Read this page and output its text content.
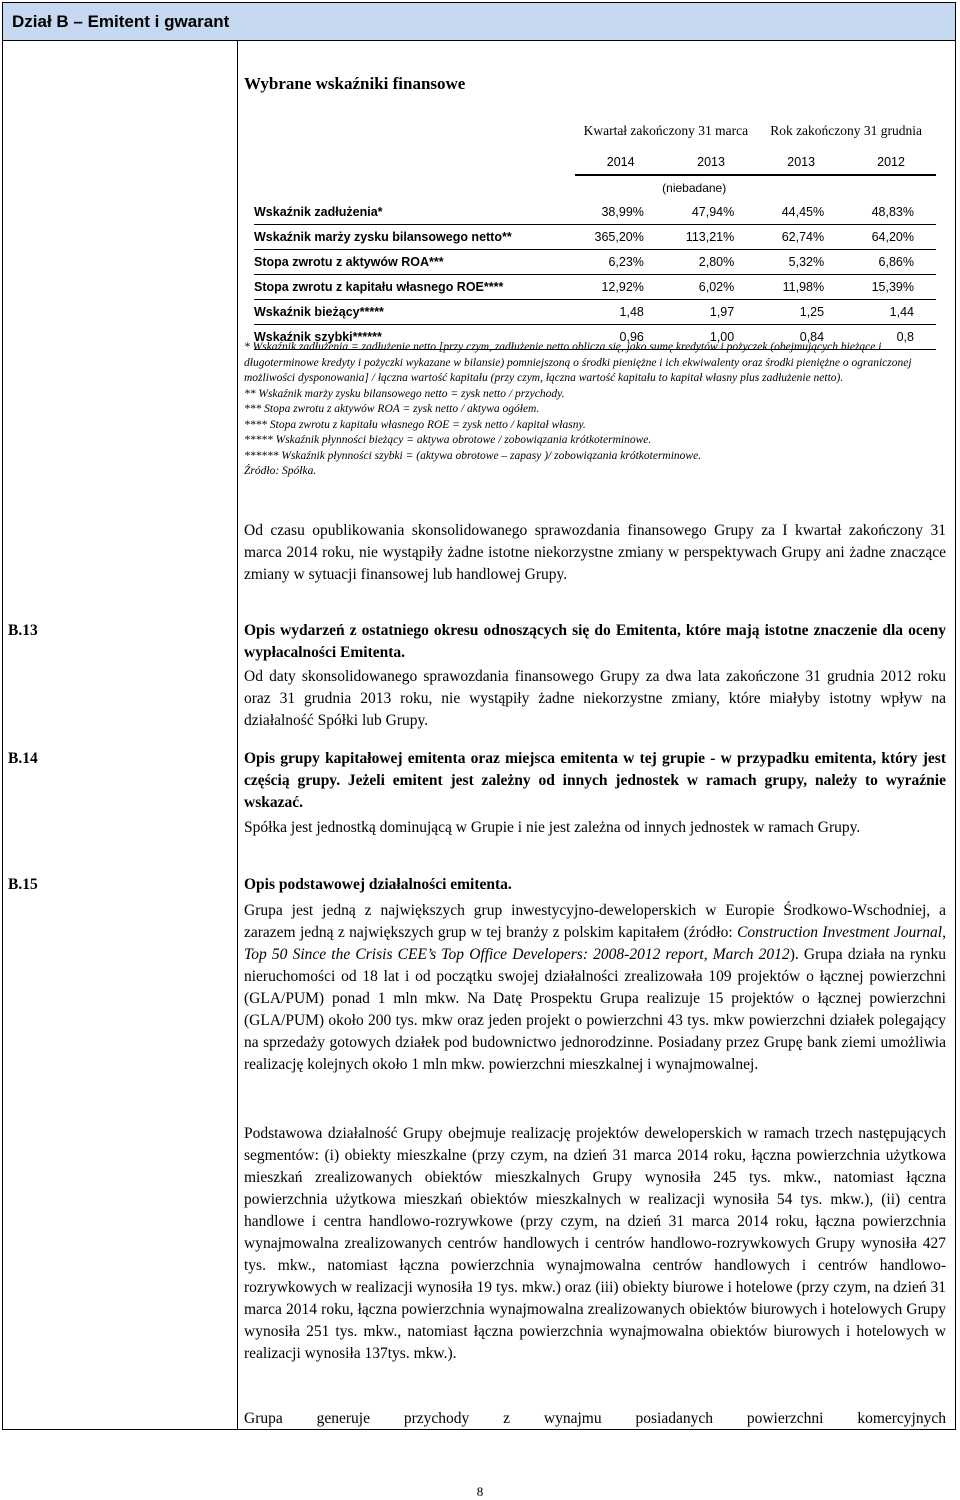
Dział B – Emitent i gwarant
Wybrane wskaźniki finansowe
	Kwartał zakończony 31 marca		Rok zakończony 31 grudnia	
	2014	2013	2013	2012
	(niebadane)			
Wskaźnik zadłużenia*	38,99%	47,94%	44,45%	48,83%
Wskaźnik marży zysku bilansowego netto**	365,20%	113,21%	62,74%	64,20%
Stopa zwrotu z aktywów ROA***	6,23%	2,80%	5,32%	6,86%
Stopa zwrotu z kapitału własnego ROE****	12,92%	6,02%	11,98%	15,39%
Wskaźnik bieżący*****	1,48	1,97	1,25	1,44
Wskaźnik szybki******	0,96	1,00	0,84	0,8
* Wskaźnik zadłużenia = zadłużenie netto [przy czym, zadłużenie netto oblicza się, jako sumę kredytów i pożyczek (obejmujących bieżące i długoterminowe kredyty i pożyczki wykazane w bilansie) pomniejszoną o środki pieniężne i ich ekwiwalenty oraz środki pieniężne o ograniczonej możliwości dysponowania] / łączna wartość kapitału (przy czym, łączna wartość kapitału to kapitał własny plus zadłużenie netto).
** Wskaźnik marży zysku bilansowego netto = zysk netto / przychody.
*** Stopa zwrotu z aktywów ROA = zysk netto / aktywa ogółem.
**** Stopa zwrotu z kapitału własnego ROE = zysk netto / kapitał własny.
***** Wskaźnik płynności bieżący = aktywa obrotowe / zobowiązania krótkoterminowe.
****** Wskaźnik płynności szybki = (aktywa obrotowe – zapasy )/ zobowiązania krótkoterminowe.
Źródło: Spółka.
Od czasu opublikowania skonsolidowanego sprawozdania finansowego Grupy za I kwartał zakończony 31 marca 2014 roku, nie wystąpiły żadne istotne niekorzystne zmiany w perspektywach Grupy ani żadne znaczące zmiany w sytuacji finansowej lub handlowej Grupy.
B.13	Opis wydarzeń z ostatniego okresu odnoszących się do Emitenta, które mają istotne znaczenie dla oceny wypłacalności Emitenta.
Od daty skonsolidowanego sprawozdania finansowego Grupy za dwa lata zakończone 31 grudnia 2012 roku oraz 31 grudnia 2013 roku, nie wystąpiły żadne niekorzystne zmiany, które miałyby istotny wpływ na działalność Spółki lub Grupy.
B.14	Opis grupy kapitałowej emitenta oraz miejsca emitenta w tej grupie - w przypadku emitenta, który jest częścią grupy. Jeżeli emitent jest zależny od innych jednostek w ramach grupy, należy to wyraźnie wskazać.
Spółka jest jednostką dominującą w Grupie i nie jest zależna od innych jednostek w ramach Grupy.
B.15	Opis podstawowej działalności emitenta.
Grupa jest jedną z największych grup inwestycyjno-deweloperskich w Europie Środkowo-Wschodniej, a zarazem jedną z największych grup w tej branży z polskim kapitałem (źródło: Construction Investment Journal, Top 50 Since the Crisis CEE’s Top Office Developers: 2008-2012 report, March 2012). Grupa działa na rynku nieruchomości od 18 lat i od początku swojej działalności zrealizowała 109 projektów o łącznej powierzchni (GLA/PUM) ponad 1 mln mkw. Na Datę Prospektu Grupa realizuje 15 projektów o łącznej powierzchni (GLA/PUM) około 200 tys. mkw oraz jeden projekt o powierzchni 43 tys. mkw powierzchni działek polegający na sprzedaży gotowych działek pod budownictwo jednorodzinne. Posiadany przez Grupę bank ziemi umożliwia realizację kolejnych około 1 mln mkw. powierzchni mieszkalnej i wynajmowalnej.
Podstawowa działalność Grupy obejmuje realizację projektów deweloperskich w ramach trzech następujących segmentów: (i) obiekty mieszkalne (przy czym, na dzień 31 marca 2014 roku, łączna powierzchnia użytkowa mieszkań zrealizowanych obiektów mieszkalnych Grupy wynosiła 245 tys. mkw., natomiast łączna powierzchnia użytkowa mieszkań obiektów mieszkalnych w realizacji wynosiła 54 tys. mkw.), (ii) centra handlowe i centra handlowo-rozrywkowe (przy czym, na dzień 31 marca 2014 roku, łączna powierzchnia wynajmowalna zrealizowanych centrów handlowych i centrów handlowo-rozrywkowych Grupy wynosiła 427 tys. mkw., natomiast łączna powierzchnia wynajmowalna centrów handlowych i centrów handlowo-rozrywkowych w realizacji wynosiła 19 tys. mkw.) oraz (iii) obiekty biurowe i hotelowe (przy czym, na dzień 31 marca 2014 roku, łączna powierzchnia wynajmowalna zrealizowanych obiektów biurowych i hotelowych Grupy wynosiła 251 tys. mkw., natomiast łączna powierzchnia wynajmowalna obiektów biurowych i hotelowych w realizacji wynosiła 137tys. mkw.).
Grupa generuje przychody z wynajmu posiadanych powierzchni komercyjnych
8
